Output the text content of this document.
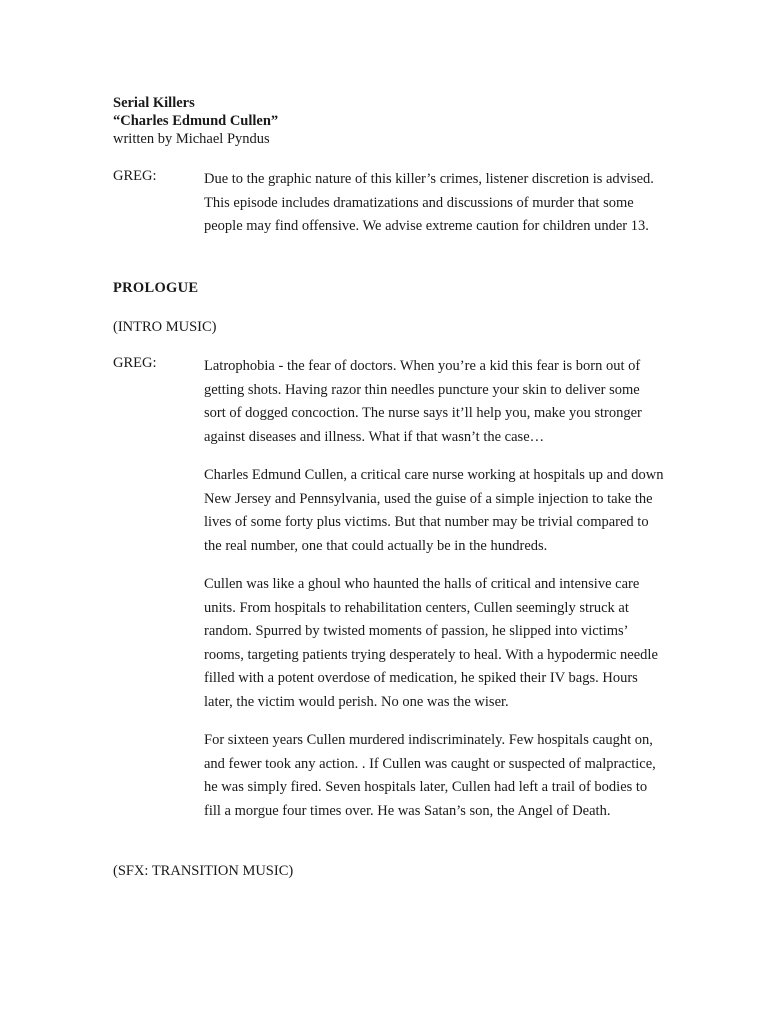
Serial Killers
“Charles Edmund Cullen”
written by Michael Pyndus
GREG:	Due to the graphic nature of this killer’s crimes, listener discretion is advised. This episode includes dramatizations and discussions of murder that some people may find offensive. We advise extreme caution for children under 13.
PROLOGUE
(INTRO MUSIC)
GREG:	Latrophobia - the fear of doctors. When you’re a kid this fear is born out of getting shots. Having razor thin needles puncture your skin to deliver some sort of dogged concoction. The nurse says it’ll help you, make you stronger against diseases and illness. What if that wasn’t the case…
Charles Edmund Cullen, a critical care nurse working at hospitals up and down New Jersey and Pennsylvania, used the guise of a simple injection to take the lives of some forty plus victims. But that number may be trivial compared to the real number, one that could actually be in the hundreds.
Cullen was like a ghoul who haunted the halls of critical and intensive care units. From hospitals to rehabilitation centers, Cullen seemingly struck at random. Spurred by twisted moments of passion, he slipped into victims’ rooms, targeting patients trying desperately to heal. With a hypodermic needle filled with a potent overdose of medication, he spiked their IV bags. Hours later, the victim would perish. No one was the wiser.
For sixteen years Cullen murdered indiscriminately. Few hospitals caught on, and fewer took any action. . If Cullen was caught or suspected of malpractice, he was simply fired. Seven hospitals later, Cullen had left a trail of bodies to fill a morgue four times over. He was Satan’s son, the Angel of Death.
(SFX: TRANSITION MUSIC)
